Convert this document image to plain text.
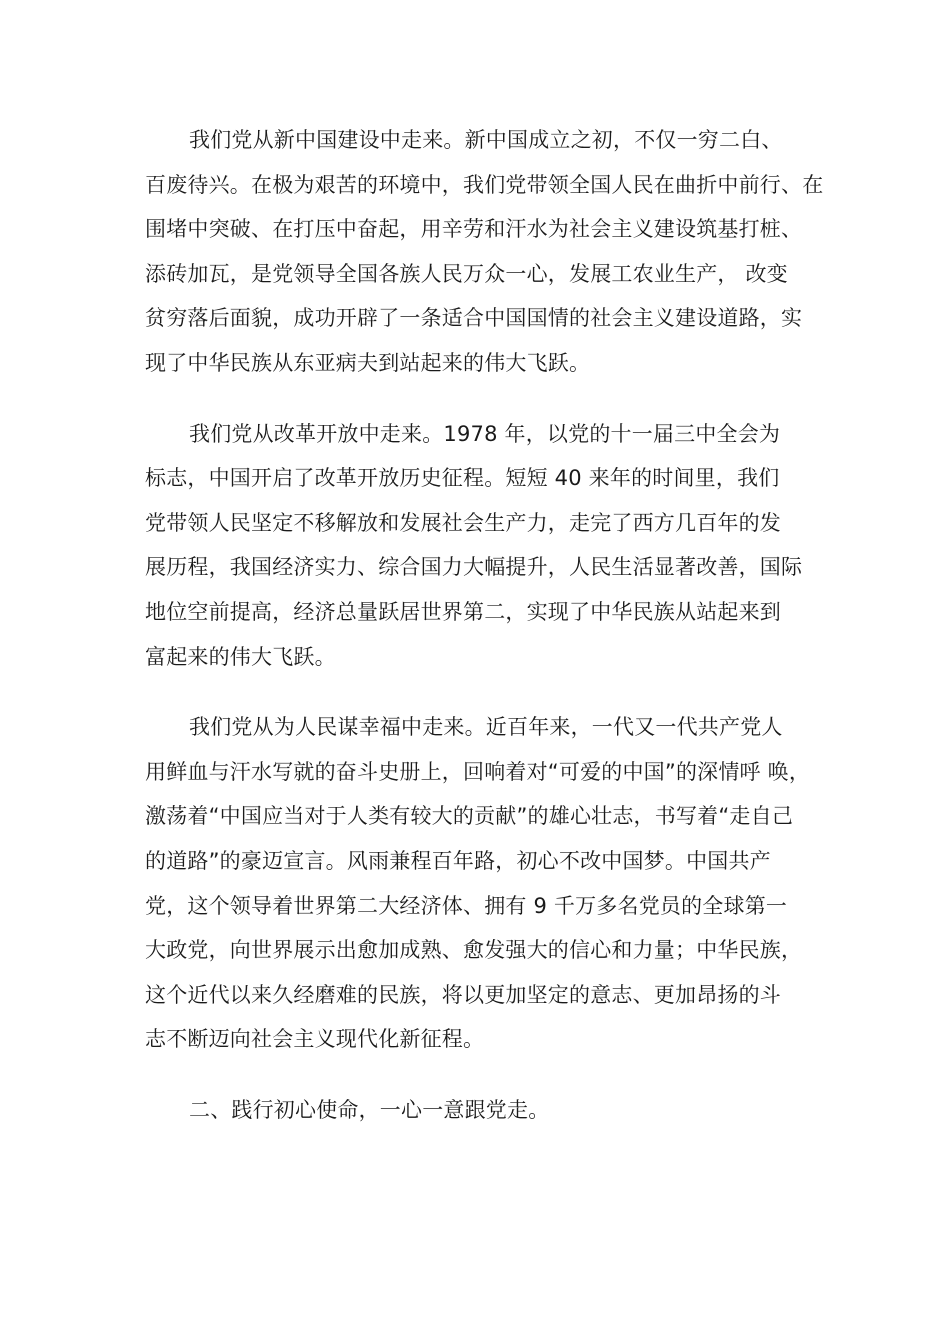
我们党从新中国建设中走来。新中国成立之初，不仅一穷二白、
百废待兴。在极为艰苦的环境中，我们党带领全国人民在曲折中前行、在
围堵中突破、在打压中奋起，用辛劳和汗水为社会主义建设筑基打桩、
添砖加瓦，是党领导全国各族人民万众一心，发展工农业生产， 改变
贫穷落后面貌，成功开辟了一条适合中国国情的社会主义建设道路，实
现了中华民族从东亚病夫到站起来的伟大飞跃。

我们党从改革开放中走来。1978 年，以党的十一届三中全会为
标志，中国开启了改革开放历史征程。短短 40 来年的时间里，我们
党带领人民坚定不移解放和发展社会生产力，走完了西方几百年的发
展历程，我国经济实力、综合国力大幅提升，人民生活显著改善，国际
地位空前提高，经济总量跃居世界第二，实现了中华民族从站起来到
富起来的伟大飞跃。

我们党从为人民谋幸福中走来。近百年来，一代又一代共产党人
用鲜血与汗水写就的奋斗史册上，回响着对“可爱的中国”的深情呼 唤，
激荡着“中国应当对于人类有较大的贡献”的雄心壮志，书写着“走自己
的道路”的豪迈宣言。风雨兼程百年路，初心不改中国梦。中国共产
党，这个领导着世界第二大经济体、拥有 9 千万多名党员的全球第一
大政党，向世界展示出愈加成熟、愈发强大的信心和力量；中华民族，
这个近代以来久经磨难的民族，将以更加坚定的意志、更加昂扬的斗
志不断迈向社会主义现代化新征程。

二、践行初心使命，一心一意跟党走。
